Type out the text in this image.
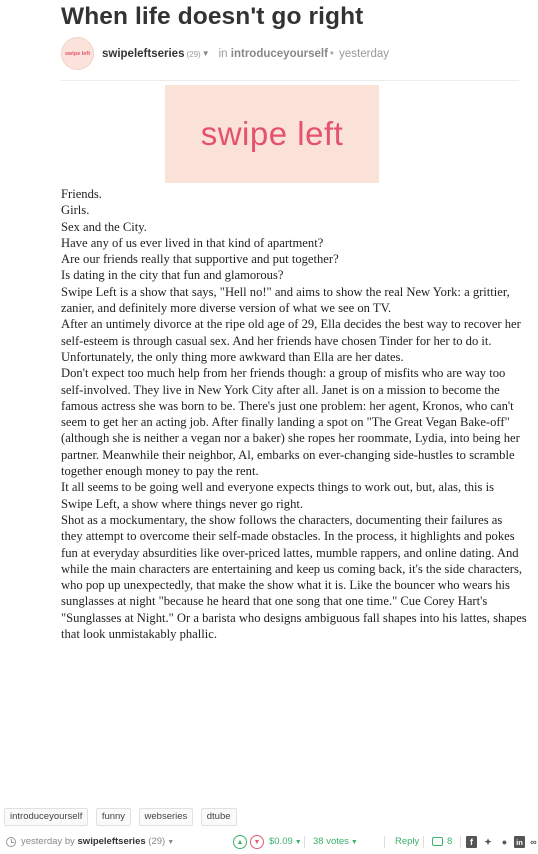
When life doesn't go right
swipe left swipeleftseries (29)▼ in introduceyourself • yesterday
swipe left

Friends.

Girls.

Sex and the City.

Have any of us ever lived in that kind of apartment?

Are our friends really that supportive and put together?

Is dating in the city that fun and glamorous?

Swipe Left is a show that says, "Hell no!" and aims to show the real New York: a grittier, zanier, and definitely more diverse version of what we see on TV.

After an untimely divorce at the ripe old age of 29, Ella decides the best way to recover her self-esteem is through casual sex. And her friends have chosen Tinder for her to do it. Unfortunately, the only thing more awkward than Ella are her dates.

Don't expect too much help from her friends though: a group of misfits who are way too self-involved. They live in New York City after all. Janet is on a mission to become the famous actress she was born to be. There's just one problem: her agent, Kronos, who can't seem to get her an acting job. After finally landing a spot on "The Great Vegan Bake-off" (although she is neither a vegan nor a baker) she ropes her roommate, Lydia, into being her partner. Meanwhile their neighbor, Al, embarks on ever-changing side-hustles to scramble together enough money to pay the rent.

It all seems to be going well and everyone expects things to work out, but, alas, this is Swipe Left, a show where things never go right.

Shot as a mockumentary, the show follows the characters, documenting their failures as they attempt to overcome their self-made obstacles. In the process, it highlights and pokes fun at everyday absurdities like over-priced lattes, mumble rappers, and online dating. And while the main characters are entertaining and keep us coming back, it's the side characters, who pop up unexpectedly, that make the show what it is. Like the bouncer who wears his sunglasses at night "because he heard that one song that one time." Cue Corey Hart's "Sunglasses at Night." Or a barista who designs ambiguous fall shapes into his lattes, shapes that look unmistakably phallic.

introduceyourself funny webseries dtube
yesterday by swipeleftseries (29) ▼	▲	▼ $0.09 ▼ 38 votes ▼	Reply	8	f	✦	●	in ∞
